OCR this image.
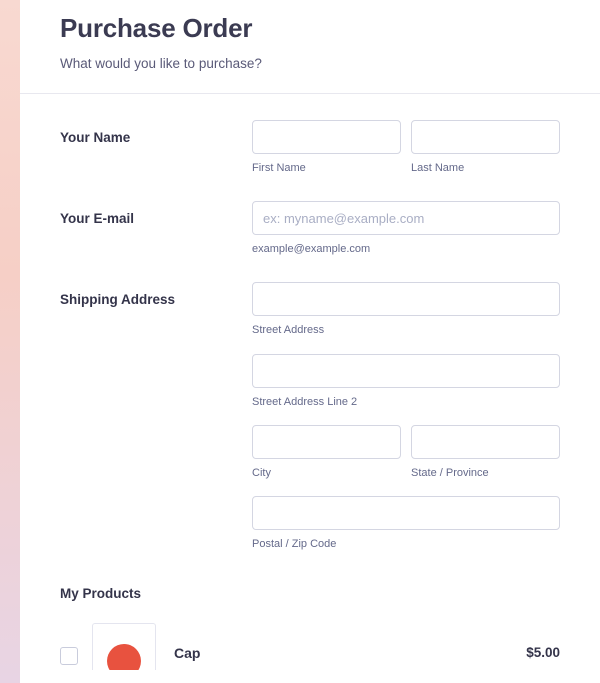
Purchase Order

What would you like to purchase?

Your Name
First Name	Last Name
Your E-mail
ex: myname@example.com
example@example.com
Shipping Address
Street Address
Street Address Line 2
City	State / Province
Postal / Zip Code
My Products
Cap	$5.00
